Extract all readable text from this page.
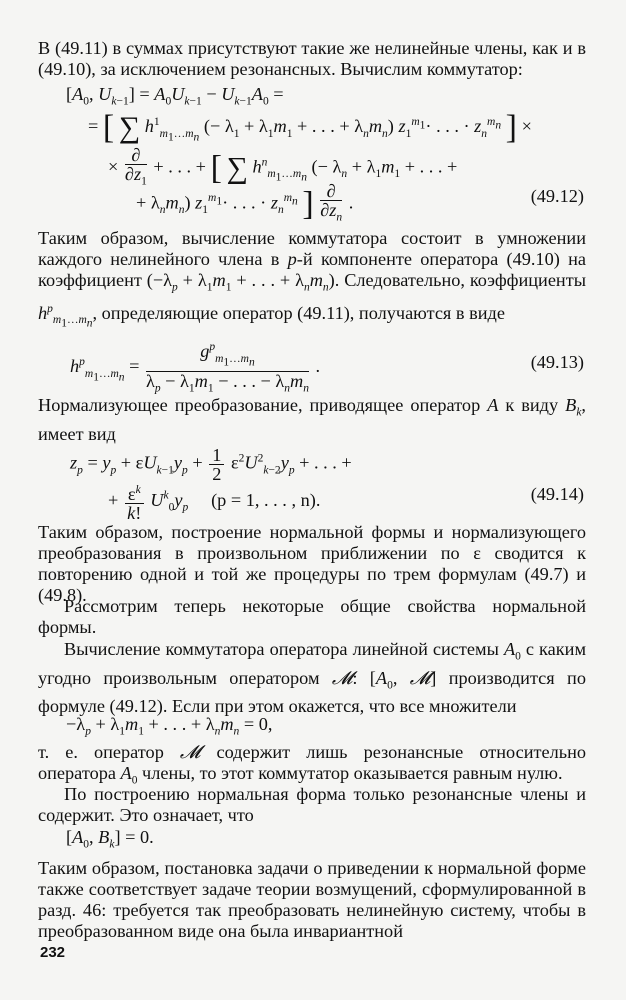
В (49.11) в суммах присутствуют такие же нелинейные члены, как и в (49.10), за исключением резонансных. Вычислим коммутатор:

[$A_0$, $U_{k-1}] = A_0U_{k-1} - U_{k-1}A_0$ =
= [ ∑ $h^1_{m_1\dots m_n}$ (− $\lambda_1 + \lambda_1m_1$ + . . . + $\lambda_nm_n$) $z_1^{m_1}\cdot$ . . . · $z_n^{m_n}$ ] ×
× $\frac{\partial}{\partial z_1}$ + . . . + [ ∑ $h^n_{m_1\dots m_n}$ (− $\lambda_n + \lambda_1m_1$ + . . . +
+ $\lambda_nm_n$) $z_1^{m_1}\cdot$ . . . · $z_n^{m_n}$ ] $\frac{\partial}{\partial z_n}$ .	(49.12)

Таким образом, вычисление коммутатора состоит в умножении каждого нелинейного члена в p-й компоненте оператора (49.10) на коэффициент ($-\lambda_p + \lambda_1m_1$ + . . . + $\lambda_nm_n$). Следовательно, коэффициенты $h^p_{m_1\dots m_n}$, определяющие оператор (49.11), получаются в виде

$h^p_{m_1\dots m_n} = \frac{g^p_{m_1\dots m_n}}{\lambda_p - \lambda_1m_1 - . . . - \lambda_nm_n}$ .	(49.13)

Нормализующее преобразование, приводящее оператор A к виду $B_k$, имеет вид

$z_p = y_p + \varepsilon U_{k-1}y_p + \frac{1}{2} \varepsilon^2U^2_{k-2}y_p$ + . . . +
+ $\frac{\varepsilon^k}{k!} U^k_0y_p$ (p = 1, . . . , n).	(49.14)

Таким образом, построение нормальной формы и нормализующего преобразования в произвольном приближении по ε сводится к повторению одной и той же процедуры по трем формулам (49.7) и (49.8).

Рассмотрим теперь некоторые общие свойства нормальной формы.

Вычисление коммутатора оператора линейной системы $A_0$ с каким угодно произвольным оператором 𝓜: [$A_0$, 𝓜] производится по формуле (49.12). Если при этом окажется, что все множители

$-\lambda_p + \lambda_1m_1$ + . . . + $\lambda_nm_n = 0$,

т. е. оператор 𝓜 содержит лишь резонансные относительно оператора $A_0$ члены, то этот коммутатор оказывается равным нулю.

По построению нормальная форма только резонансные члены и содержит. Это означает, что

[$A_0$, $B_k] = 0$.

Таким образом, постановка задачи о приведении к нормальной форме также соответствует задаче теории возмущений, сформулированной в разд. 46: требуется так преобразовать нелинейную систему, чтобы в преобразованном виде она была инвариантной

232
